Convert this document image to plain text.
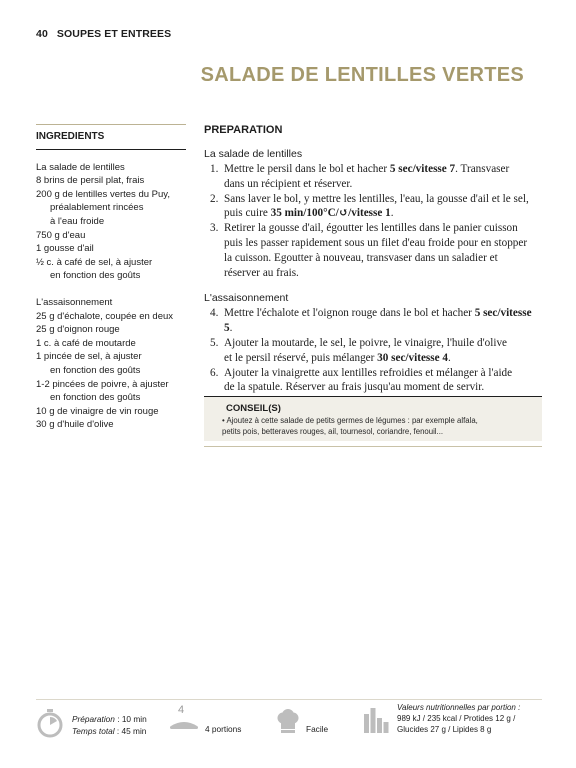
40 SOUPES ET ENTREES
SALADE DE LENTILLES VERTES
INGREDIENTS
La salade de lentilles
8 brins de persil plat, frais
200 g de lentilles vertes du Puy,
préalablement rincées
à l'eau froide
750 g d'eau
1 gousse d'ail
½ c. à café de sel, à ajuster
en fonction des goûts
L'assaisonnement
25 g d'échalote, coupée en deux
25 g d'oignon rouge
1 c. à café de moutarde
1 pincée de sel, à ajuster
en fonction des goûts
1-2 pincées de poivre, à ajuster
en fonction des goûts
10 g de vinaigre de vin rouge
30 g d'huile d'olive
PREPARATION
La salade de lentilles
1. Mettre le persil dans le bol et hacher 5 sec/vitesse 7. Transvaser
dans un récipient et réserver.
2. Sans laver le bol, y mettre les lentilles, l'eau, la gousse d'ail et le sel,
puis cuire 35 min/100°C/↺/vitesse 1.
3. Retirer la gousse d'ail, égoutter les lentilles dans le panier cuisson
puis les passer rapidement sous un filet d'eau froide pour en stopper
la cuisson. Egoutter à nouveau, transvaser dans un saladier et
réserver au frais.
L'assaisonnement
4. Mettre l'échalote et l'oignon rouge dans le bol et hacher 5 sec/vitesse 5.
5. Ajouter la moutarde, le sel, le poivre, le vinaigre, l'huile d'olive
et le persil réservé, puis mélanger 30 sec/vitesse 4.
6. Ajouter la vinaigrette aux lentilles refroidies et mélanger à l'aide
de la spatule. Réserver au frais jusqu'au moment de servir.
CONSEIL(S)
• Ajoutez à cette salade de petits germes de légumes : par exemple alfala,
petits pois, betteraves rouges, ail, tournesol, coriandre, fenouil...
Préparation : 10 min
Temps total : 45 min
4
4 portions	Facile
Valeurs nutritionnelles par portion :
989 kJ / 235 kcal / Protides 12 g /
Glucides 27 g / Lipides 8 g
